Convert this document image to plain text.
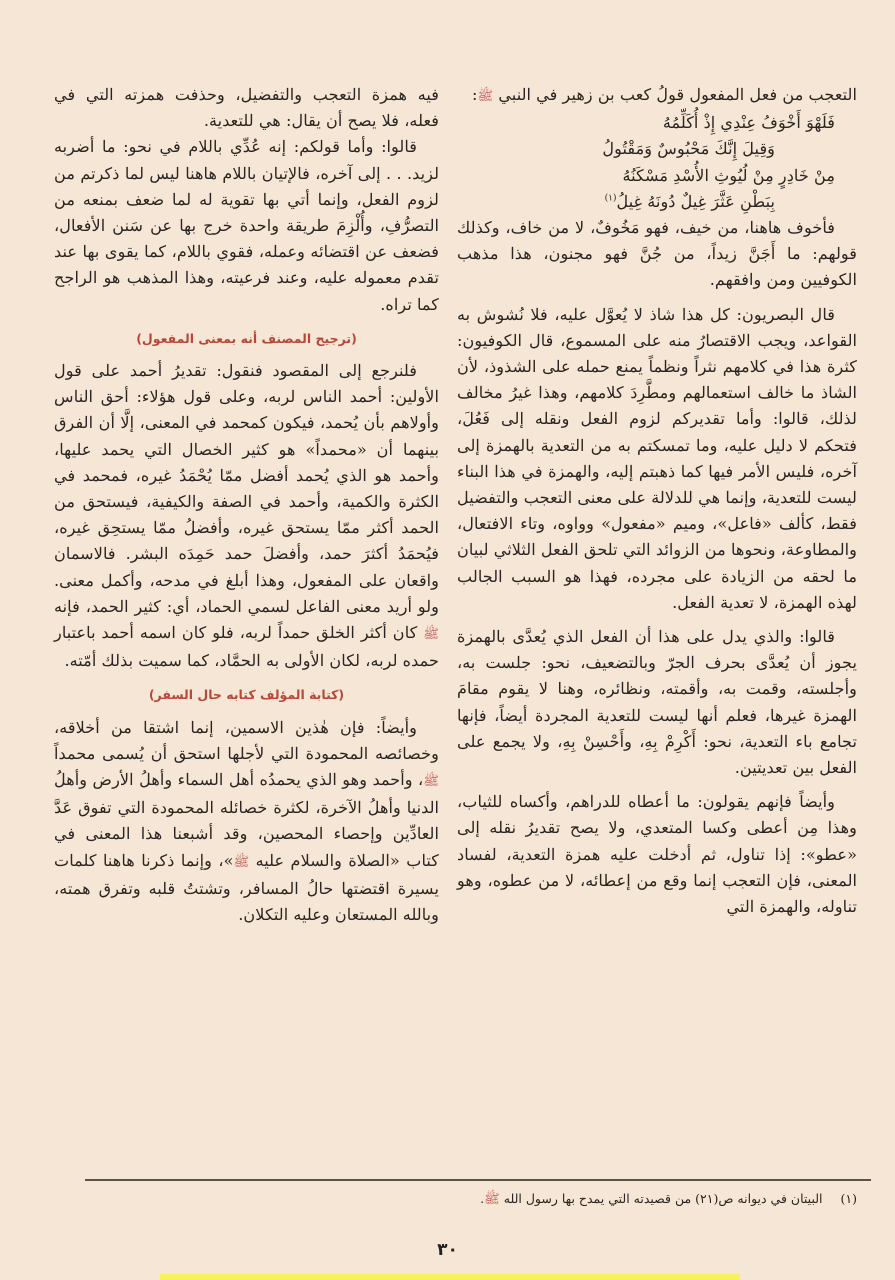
التعجب من فعل المفعول قولُ كعب بن زهير في النبي ﷺ:

فَلَهْوَ أَخْوَفُ عِنْدِي إِذْ أُكَلِّمُهُ

وَقِيلَ إِنَّكَ مَحْبُوسٌ وَمَقْتُولُ

مِنْ خَادِرٍ مِنْ لُيُوثِ الأُسْدِ مَسْكَنُهُ

بِبَطْنِ عَثَّرَ غِيلٌ دُونَهُ غِيلُ$^{(١)}$

فأخوف هاهنا، من خيف، فهو مَخُوفٌ، لا من خاف، وكذلك قولهم: ما أَجَنَّ زيداً، من جُنَّ فهو مجنون، هذا مذهب الكوفيين ومن وافقهم.

قال البصريون: كل هذا شاذ لا يُعوَّل عليه، فلا نُشوش به القواعد، ويجب الاقتصارُ منه على المسموع، قال الكوفيون: كثرة هذا في كلامهم نثراً ونظماً يمنع حمله على الشذوذ، لأن الشاذ ما خالف استعمالهم ومطَّرِدَ كلامهم، وهذا غيرُ مخالف لذلك، قالوا: وأما تقديركم لزوم الفعل ونقله إلى فَعُلَ، فتحكم لا دليل عليه، وما تمسكتم به من التعدية بالهمزة إلى آخره، فليس الأمر فيها كما ذهبتم إليه، والهمزة في هذا البناء ليست للتعدية، وإنما هي للدلالة على معنى التعجب والتفضيل فقط، كألف «فاعل»، وميم «مفعول» وواوه، وتاء الافتعال، والمطاوعة، ونحوها من الزوائد التي تلحق الفعل الثلاثي لبيان ما لحقه من الزيادة على مجرده، فهذا هو السبب الجالب لهذه الهمزة، لا تعدية الفعل.

قالوا: والذي يدل على هذا أن الفعل الذي يُعدَّى بالهمزة يجوز أن يُعدَّى بحرف الجرّ وبالتضعيف، نحو: جلست به، وأجلسته، وقمت به، وأقمته، ونظائره، وهنا لا يقوم مقامَ الهمزة غيرها، فعلم أنها ليست للتعدية المجردة أيضاً، فإنها تجامع باء التعدية، نحو: أَكْرِمْ بِهِ، وأَحْسِنْ بِهِ، ولا يجمع على الفعل بين تعديتين.

وأيضاً فإنهم يقولون: ما أعطاه للدراهم، وأكساه للثياب، وهذا مِن أعطى وكسا المتعدي، ولا يصح تقديرُ نقله إلى «عطو»: إذا تناول، ثم أدخلت عليه همزة التعدية، لفساد المعنى، فإن التعجب إنما وقع من إعطائه، لا من عطوه، وهو تناوله، والهمزة التي

فيه همزة التعجب والتفضيل، وحذفت همزته التي في فعله، فلا يصح أن يقال: هي للتعدية.

قالوا: وأما قولكم: إنه عُدِّي باللام في نحو: ما أضربه لزيد. . . إلى آخره، فالإتيان باللام هاهنا ليس لما ذكرتم من لزوم الفعل، وإنما أتي بها تقوية له لما ضعف بمنعه من التصرُّفِ، وأُلْزِمَ طريقة واحدة خرج بها عن سَنن الأفعال، فضعف عن اقتضائه وعمله، فقوي باللام، كما يقوى بها عند تقدم معموله عليه، وعند فرعيته، وهذا المذهب هو الراجح كما تراه.

(ترجيح المصنف أنه بمعنى المفعول)

فلنرجع إلى المقصود فنقول: تقديرُ أحمد على قول الأولين: أحمد الناس لربه، وعلى قول هؤلاء: أحق الناس وأولاهم بأن يُحمد، فيكون كمحمد في المعنى، إلَّا أن الفرق بينهما أن «محمداً» هو كثير الخصال التي يحمد عليها، وأحمد هو الذي يُحمد أفضل ممّا يُحْمَدُ غيره، فمحمد في الكثرة والكمية، وأحمد في الصفة والكيفية، فيستحق من الحمد أكثر ممّا يستحق غيره، وأفضلُ ممّا يستحِق غيره، فيُحمَدُ أكثرَ حمد، وأفضلَ حمد حَمِدَه البشر. فالاسمان واقعان على المفعول، وهذا أبلغ في مدحه، وأكمل معنى. ولو أريد معنى الفاعل لسمي الحماد، أي: كثير الحمد، فإنه ﷺ كان أكثر الخلق حمداً لربه، فلو كان اسمه أحمد باعتبار حمده لربه، لكان الأولى به الحمَّاد، كما سميت بذلك أمّته.

(كتابة المؤلف كتابه حال السفر)

وأيضاً: فإن هٰذين الاسمين، إنما اشتقا من أخلاقه، وخصائصه المحمودة التي لأجلها استحق أن يُسمى محمداً ﷺ، وأحمد وهو الذي يحمدُه أهل السماء وأهلُ الأرض وأهلُ الدنيا وأهلُ الآخرة، لكثرة خصائله المحمودة التي تفوق عَدَّ العادِّين وإحصاء المحصين، وقد أشبعنا هذا المعنى في كتاب «الصلاة والسلام عليه ﷺ»، وإنما ذكرنا هاهنا كلمات يسيرة اقتضتها حالُ المسافر، وتشتتُ قلبه وتفرق همته، وبالله المستعان وعليه التكلان.

(١)البيتان في ديوانه ص(٢١) من قصيدته التي يمدح بها رسول الله ﷺ.
٣٠
